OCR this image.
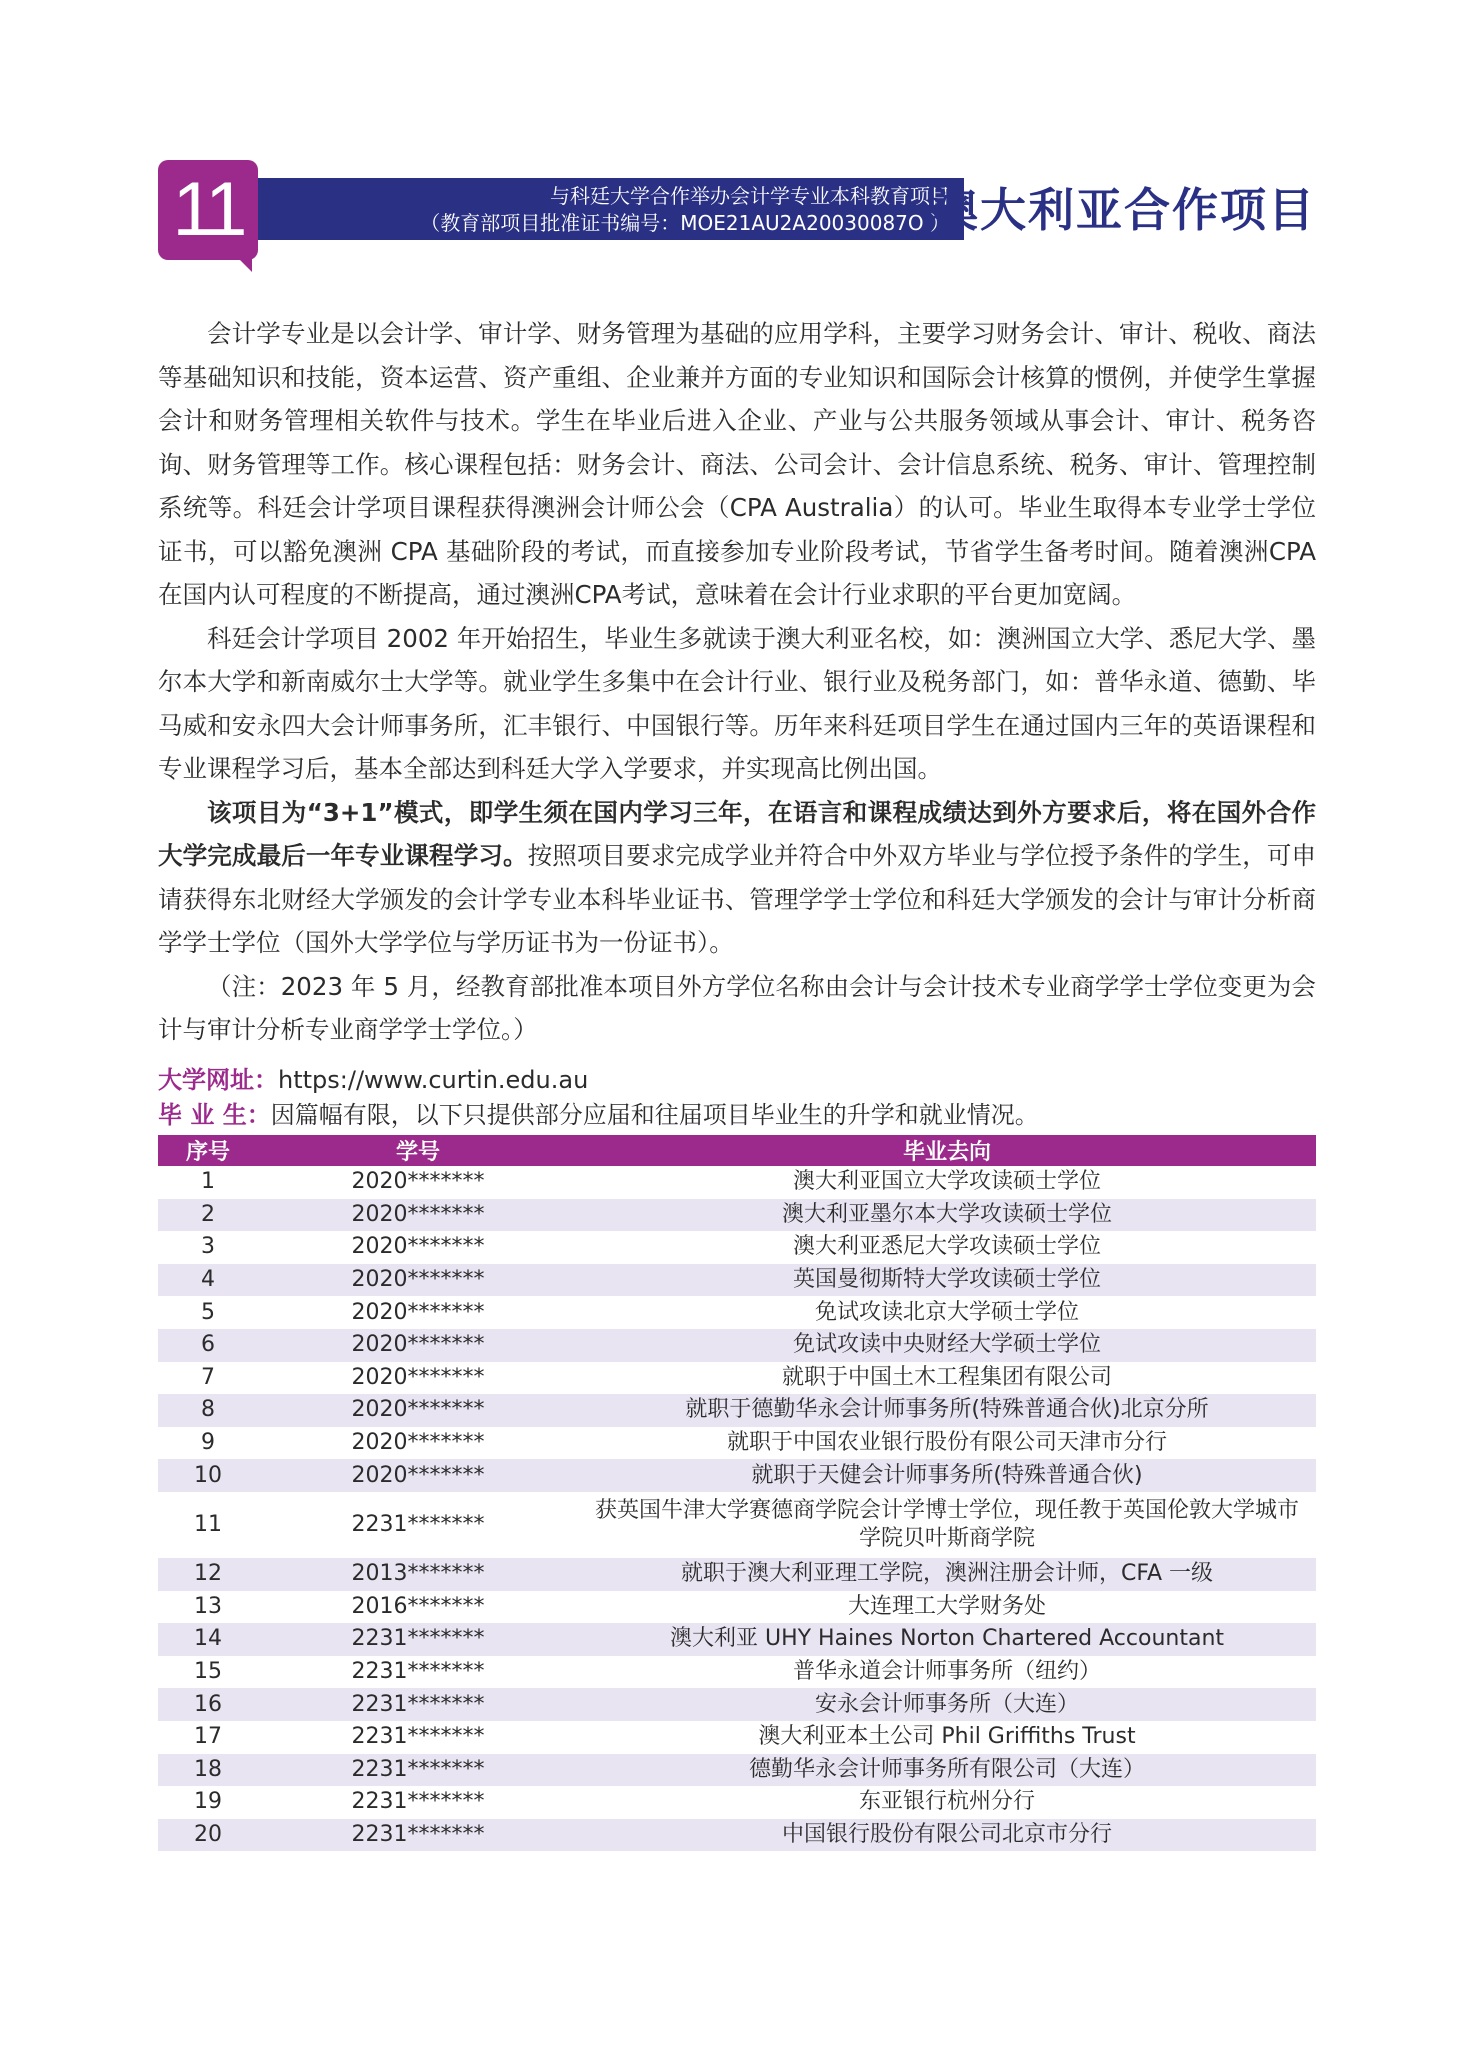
11	与科廷大学合作举办会计学专业本科教育项目
（教育部项目批准证书编号：MOE21AU2A20030087O ）
澳大利亚合作项目

会计学专业是以会计学、审计学、财务管理为基础的应用学科，主要学习财务会计、审计、税收、商法等基础知识和技能，资本运营、资产重组、企业兼并方面的专业知识和国际会计核算的惯例，并使学生掌握会计和财务管理相关软件与技术。学生在毕业后进入企业、产业与公共服务领域从事会计、审计、税务咨询、财务管理等工作。核心课程包括：财务会计、商法、公司会计、会计信息系统、税务、审计、管理控制系统等。科廷会计学项目课程获得澳洲会计师公会（CPA Australia）的认可。毕业生取得本专业学士学位证书，可以豁免澳洲 CPA 基础阶段的考试，而直接参加专业阶段考试，节省学生备考时间。随着澳洲CPA在国内认可程度的不断提高，通过澳洲CPA考试，意味着在会计行业求职的平台更加宽阔。

科廷会计学项目 2002 年开始招生，毕业生多就读于澳大利亚名校，如：澳洲国立大学、悉尼大学、墨尔本大学和新南威尔士大学等。就业学生多集中在会计行业、银行业及税务部门，如：普华永道、德勤、毕马威和安永四大会计师事务所，汇丰银行、中国银行等。历年来科廷项目学生在通过国内三年的英语课程和专业课程学习后，基本全部达到科廷大学入学要求，并实现高比例出国。

该项目为“3+1”模式，即学生须在国内学习三年，在语言和课程成绩达到外方要求后，将在国外合作大学完成最后一年专业课程学习。按照项目要求完成学业并符合中外双方毕业与学位授予条件的学生，可申请获得东北财经大学颁发的会计学专业本科毕业证书、管理学学士学位和科廷大学颁发的会计与审计分析商学学士学位（国外大学学位与学历证书为一份证书）。

（注：2023 年 5 月，经教育部批准本项目外方学位名称由会计与会计技术专业商学学士学位变更为会计与审计分析专业商学学士学位。）

大学网址：https://www.curtin.edu.au
毕 业 生：因篇幅有限，以下只提供部分应届和往届项目毕业生的升学和就业情况。
序号	学号	毕业去向
1	2020*******	澳大利亚国立大学攻读硕士学位
2	2020*******	澳大利亚墨尔本大学攻读硕士学位
3	2020*******	澳大利亚悉尼大学攻读硕士学位
4	2020*******	英国曼彻斯特大学攻读硕士学位
5	2020*******	免试攻读北京大学硕士学位
6	2020*******	免试攻读中央财经大学硕士学位
7	2020*******	就职于中国土木工程集团有限公司
8	2020*******	就职于德勤华永会计师事务所(特殊普通合伙)北京分所
9	2020*******	就职于中国农业银行股份有限公司天津市分行
10	2020*******	就职于天健会计师事务所(特殊普通合伙)
11	2231*******	获英国牛津大学赛德商学院会计学博士学位，现任教于英国伦敦大学城市学院贝叶斯商学院
12	2013*******	就职于澳大利亚理工学院，澳洲注册会计师，CFA 一级
13	2016*******	大连理工大学财务处
14	2231*******	澳大利亚 UHY Haines Norton Chartered Accountant
15	2231*******	普华永道会计师事务所（纽约）
16	2231*******	安永会计师事务所（大连）
17	2231*******	澳大利亚本土公司 Phil Griffiths Trust
18	2231*******	德勤华永会计师事务所有限公司（大连）
19	2231*******	东亚银行杭州分行
20	2231*******	中国银行股份有限公司北京市分行
